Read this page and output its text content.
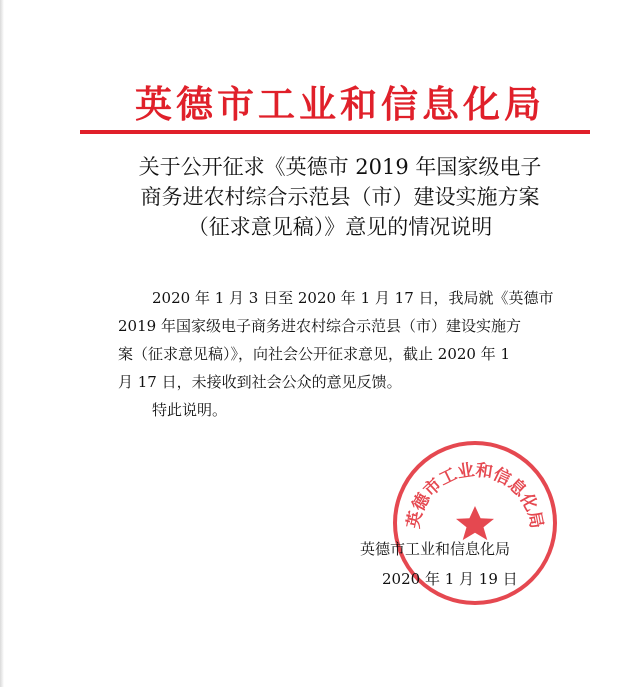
英德市工业和信息化局
关于公开征求《英德市 2019 年国家级电子
商务进农村综合示范县（市）建设实施方案
（征求意见稿）》意见的情况说明
2020 年 1 月 3 日至 2020 年 1 月 17 日，我局就《英德市
2019 年国家级电子商务进农村综合示范县（市）建设实施方
案（征求意见稿）》，向社会公开征求意见，截止 2020 年 1
月 17 日，未接收到社会公众的意见反馈。
特此说明。
英德市工业和信息化局
英德市工业和信息化局
2020 年 1 月 19 日
